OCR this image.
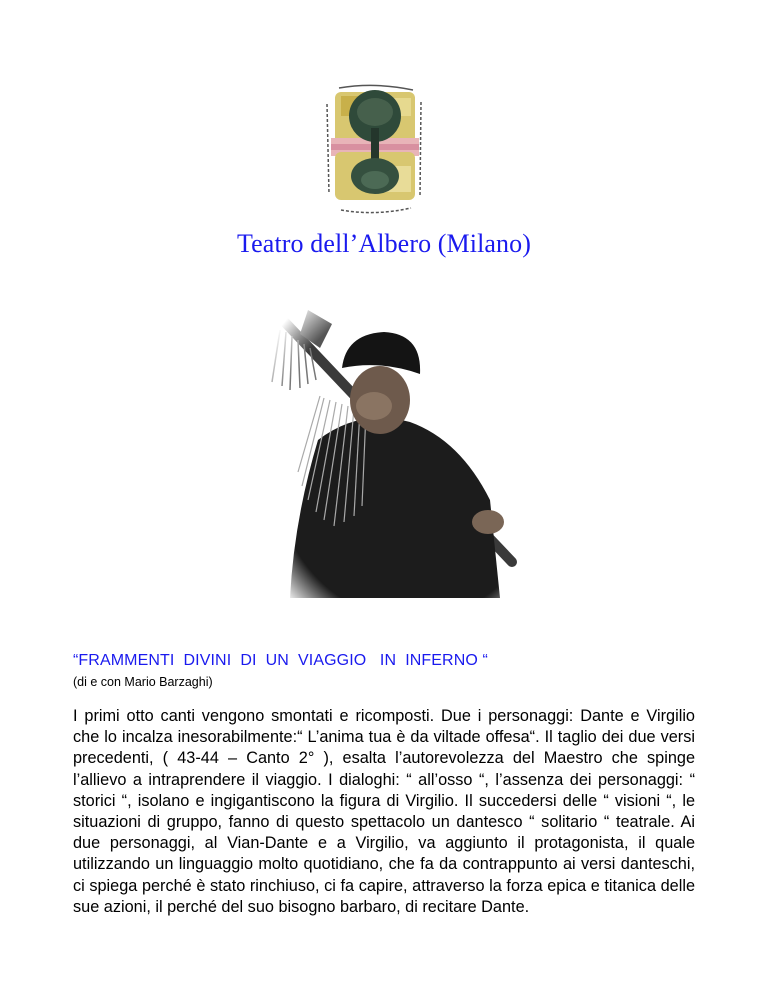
Teatro dell’Albero (Milano)
“FRAMMENTI  DIVINI  DI  UN  VIAGGIO   IN  INFERNO “
(di e con Mario Barzaghi)

I primi otto canti vengono smontati e ricomposti. Due i personaggi: Dante e Virgilio che lo incalza inesorabilmente:“ L’anima tua è da viltade offesa“. Il taglio dei due versi precedenti, ( 43-44 – Canto 2° ), esalta l’autorevolezza del Maestro che spinge l’allievo a intraprendere il viaggio. I dialoghi: “ all’osso “, l’assenza dei personaggi: “ storici “, isolano e ingigantiscono la figura di Virgilio. Il succedersi delle “ visioni “, le situazioni di gruppo, fanno di questo spettacolo un dantesco “ solitario “ teatrale. Ai due personaggi, al Vian-Dante e a Virgilio, va aggiunto il protagonista, il quale utilizzando un linguaggio molto quotidiano, che fa da contrappunto ai versi danteschi, ci spiega perché è stato rinchiuso, ci fa capire, attraverso la forza epica e titanica delle sue azioni, il perché del suo bisogno barbaro, di recitare Dante.
